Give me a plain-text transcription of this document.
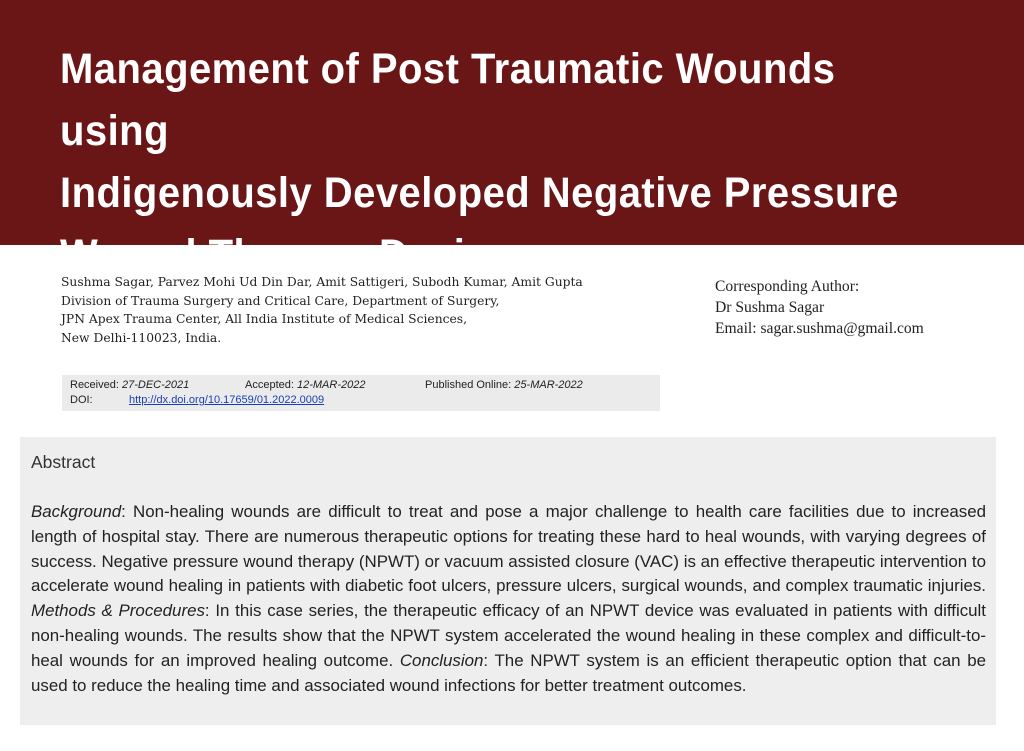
Management of Post Traumatic Wounds using
Indigenously Developed Negative Pressure
Wound Therapy Device
Sushma Sagar, Parvez Mohi Ud Din Dar, Amit Sattigeri, Subodh Kumar, Amit Gupta
Division of Trauma Surgery and Critical Care, Department of Surgery,
JPN Apex Trauma Center, All India Institute of Medical Sciences,
New Delhi-110023, India.
Corresponding Author:
Dr Sushma Sagar
Email: sagar.sushma@gmail.com
Received: 27-DEC-2021	Accepted: 12-MAR-2022	Published Online: 25-MAR-2022
DOI:	http://dx.doi.org/10.17659/01.2022.0009
Abstract
Background: Non-healing wounds are difficult to treat and pose a major challenge to health care facilities due to increased length of hospital stay. There are numerous therapeutic options for treating these hard to heal wounds, with varying degrees of success. Negative pressure wound therapy (NPWT) or vacuum assisted closure (VAC) is an effective therapeutic intervention to accelerate wound healing in patients with diabetic foot ulcers, pressure ulcers, surgical wounds, and complex traumatic injuries. Methods & Procedures: In this case series, the therapeutic efficacy of an NPWT device was evaluated in patients with difficult non-healing wounds. The results show that the NPWT system accelerated the wound healing in these complex and difficult-to-heal wounds for an improved healing outcome. Conclusion: The NPWT system is an efficient therapeutic option that can be used to reduce the healing time and associated wound infections for better treatment outcomes.
